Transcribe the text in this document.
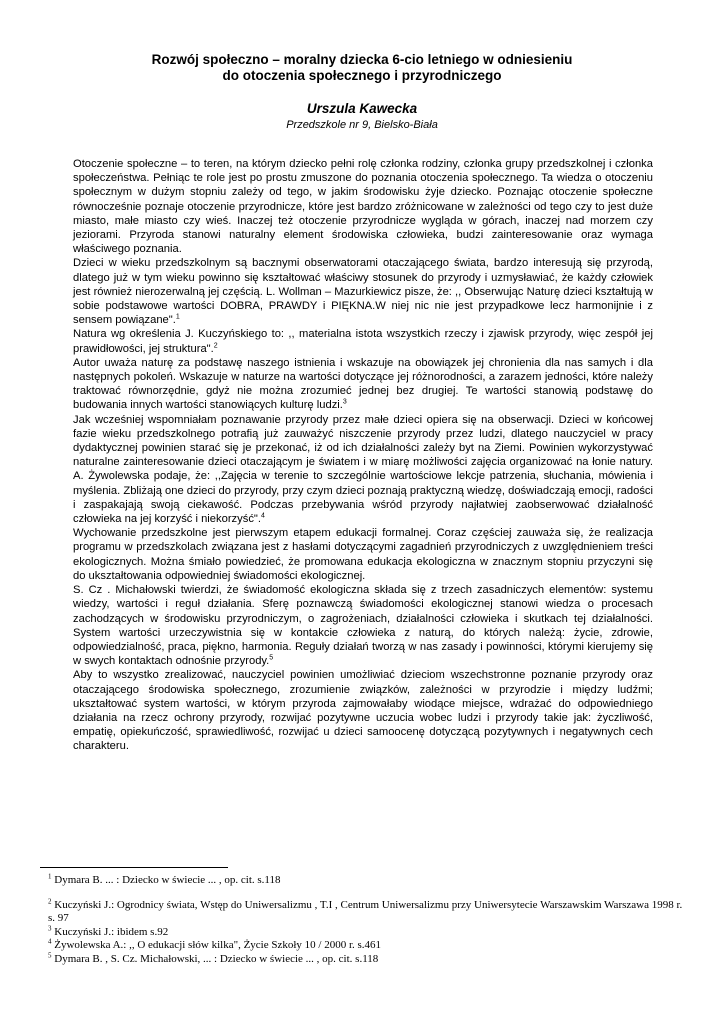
Rozwój społeczno – moralny dziecka 6-cio letniego w odniesieniu
do otoczenia społecznego i przyrodniczego
Urszula Kawecka
Przedszkole nr 9, Bielsko-Biała

Otoczenie społeczne – to teren, na którym dziecko pełni rolę członka rodziny, członka grupy przedszkolnej i członka społeczeństwa. Pełniąc te role jest po prostu zmuszone do poznania otoczenia społecznego. Ta wiedza o otoczeniu społecznym w dużym stopniu zależy od tego, w jakim środowisku żyje dziecko. Poznając otoczenie społeczne równocześnie poznaje otoczenie przyrodnicze, które jest bardzo zróżnicowane w zależności od tego czy to jest duże miasto, małe miasto czy wieś. Inaczej też otoczenie przyrodnicze wygląda w górach, inaczej nad morzem czy jeziorami. Przyroda stanowi naturalny element środowiska człowieka, budzi zainteresowanie oraz wymaga właściwego poznania.

Dzieci w wieku przedszkolnym są bacznymi obserwatorami otaczającego świata, bardzo interesują się przyrodą, dlatego już w tym wieku powinno się kształtować właściwy stosunek do przyrody i uzmysławiać, że każdy człowiek jest również nierozerwalną jej częścią. L. Wollman – Mazurkiewicz pisze, że: ,, Obserwując Naturę dzieci kształtują w sobie podstawowe wartości DOBRA, PRAWDY i PIĘKNA.W niej nic nie jest przypadkowe lecz harmonijnie i z sensem powiązane".$^1$

Natura wg określenia J. Kuczyńskiego to: ,, materialna istota wszystkich rzeczy i zjawisk przyrody, więc zespół jej prawidłowości, jej struktura".$^2$

Autor uważa naturę za podstawę naszego istnienia i wskazuje na obowiązek jej chronienia dla nas samych i dla następnych pokoleń. Wskazuje w naturze na wartości dotyczące jej różnorodności, a zarazem jedności, które należy traktować równorzędnie, gdyż nie można zrozumieć jednej bez drugiej. Te wartości stanowią podstawę do budowania innych wartości stanowiących kulturę ludzi.$^3$

Jak wcześniej wspomniałam poznawanie przyrody przez małe dzieci opiera się na obserwacji. Dzieci w końcowej fazie wieku przedszkolnego potrafią już zauważyć niszczenie przyrody przez ludzi, dlatego nauczyciel w pracy dydaktycznej powinien starać się je przekonać, iż od ich działalności zależy byt na Ziemi. Powinien wykorzystywać naturalne zainteresowanie dzieci otaczającym je światem i w miarę możliwości zajęcia organizować na łonie natury. A. Żywolewska podaje, że: ,,Zajęcia w terenie to szczególnie wartościowe lekcje patrzenia, słuchania, mówienia i myślenia. Zbliżają one dzieci do przyrody, przy czym dzieci poznają praktyczną wiedzę, doświadczają emocji, radości i zaspakajają swoją ciekawość. Podczas przebywania wśród przyrody najłatwiej zaobserwować działalność człowieka na jej korzyść i niekorzyść".$^4$

Wychowanie przedszkolne jest pierwszym etapem edukacji formalnej. Coraz częściej zauważa się, że realizacja programu w przedszkolach związana jest z hasłami dotyczącymi zagadnień przyrodniczych z uwzględnieniem treści ekologicznych. Można śmiało powiedzieć, że promowana edukacja ekologiczna w znacznym stopniu przyczyni się do ukształtowania odpowiedniej świadomości ekologicznej.

S. Cz . Michałowski twierdzi, że świadomość ekologiczna składa się z trzech zasadniczych elementów: systemu wiedzy, wartości i reguł działania. Sferę poznawczą świadomości ekologicznej stanowi wiedza o procesach zachodzących w środowisku przyrodniczym, o zagrożeniach, działalności człowieka i skutkach tej działalności. System wartości urzeczywistnia się w kontakcie człowieka z naturą, do których należą: życie, zdrowie, odpowiedzialność, praca, piękno, harmonia. Reguły działań tworzą w nas zasady i powinności, którymi kierujemy się w swych kontaktach odnośnie przyrody.$^5$

Aby to wszystko zrealizować, nauczyciel powinien umożliwiać dzieciom wszechstronne poznanie przyrody oraz otaczającego środowiska społecznego, zrozumienie związków, zależności w przyrodzie i między ludźmi; ukształtować system wartości, w którym przyroda zajmowałaby wiodące miejsce, wdrażać do odpowiedniego działania na rzecz ochrony przyrody, rozwijać pozytywne uczucia wobec ludzi i przyrody takie jak: życzliwość, empatię, opiekuńczość, sprawiedliwość, rozwijać u dzieci samoocenę dotyczącą pozytywnych i negatywnych cech charakteru.

$^1$ Dymara B. ... : Dziecko w świecie ... , op. cit. s.118

$^2$ Kuczyński J.: Ogrodnicy świata, Wstęp do Uniwersalizmu , T.I , Centrum Uniwersalizmu przy Uniwersytecie Warszawskim Warszawa 1998 r. s. 97

$^3$ Kuczyński J.: ibidem s.92

$^4$ Żywolewska A.: ,, O edukacji słów kilka", Życie Szkoły 10 / 2000 r. s.461

$^5$ Dymara B. , S. Cz. Michałowski, ... : Dziecko w świecie ... , op. cit. s.118
